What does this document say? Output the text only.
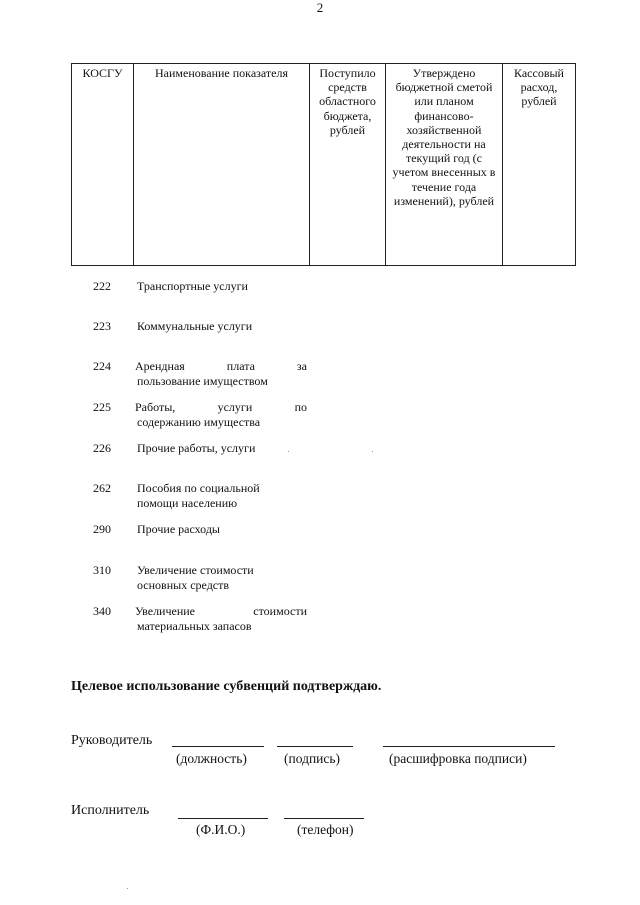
2
КОСГУ	Наименование показателя	Поступило средств областного бюджета, рублей	Утверждено бюджетной сметой или планом финансово-хозяйственной деятельности на текущий год (с учетом внесенных в течение года изменений), рублей	Кассовый расход, рублей
222 Транспортные услуги
223 Коммунальные услуги
224 Арендная плата за
пользование имуществом
225 Работы, услуги по
содержанию имущества
226 Прочие работы, услуги
262 Пособия по социальной
помощи населению
290 Прочие расходы
310 Увеличение стоимости
основных средств
340 Увеличение стоимости
материальных запасов
Целевое использование субвенций подтверждаю.
Руководитель
(должность)	(подпись)	(расшифровка подписи)
Исполнитель
(Ф.И.О.)	(телефон)
